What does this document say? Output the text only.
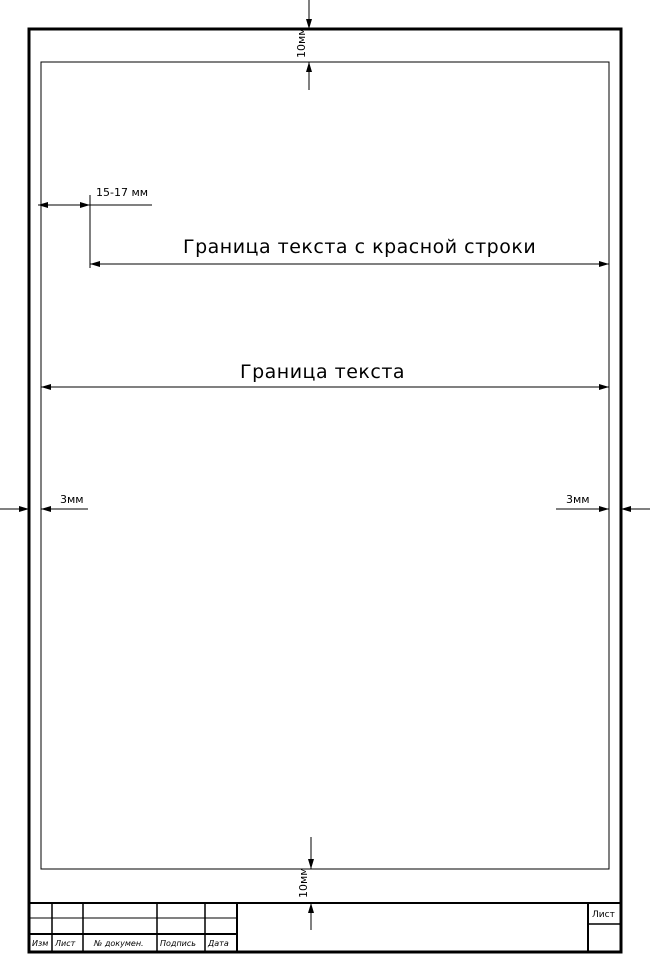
10мм
10мм
3мм	3мм
15-17 мм
Граница текста с красной строки
Граница текста
Изм Лист № докумен. Подпись Дата
Лист
